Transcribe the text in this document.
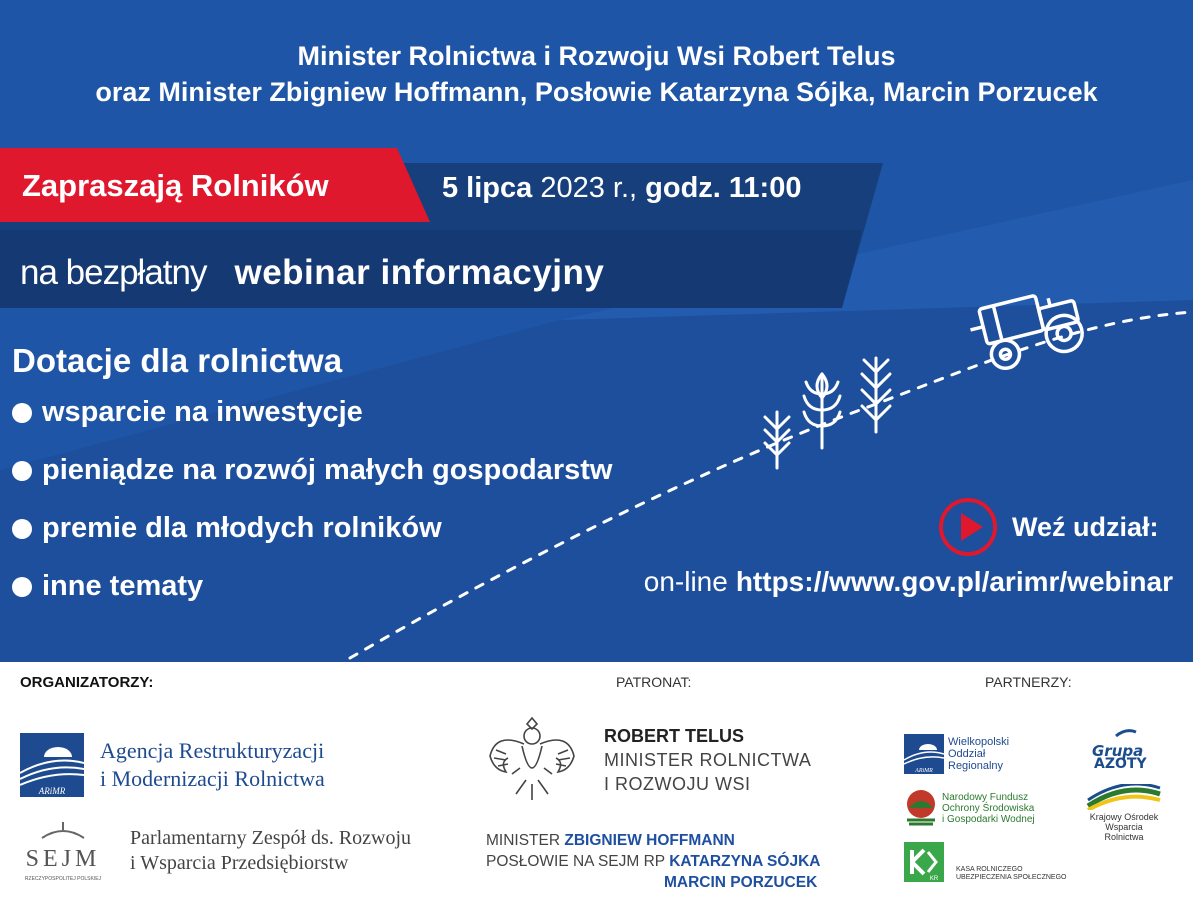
Minister Rolnictwa i Rozwoju Wsi Robert Telus
oraz Minister Zbigniew Hoffmann, Posłowie Katarzyna Sójka, Marcin Porzucek
Zapraszają Rolników	5 lipca 2023 r., godz. 11:00
na bezpłatny webinar informacyjny
Dotacje dla rolnictwa
wsparcie na inwestycje
pieniądze na rozwój małych gospodarstw
premie dla młodych rolników
inne tematy
Weź udział:
on-line https://www.gov.pl/arimr/webinar
ORGANIZATORZY:	PATRONAT:	PARTNERZY:
ARiMR
Agencja Restrukturyzacji
i Modernizacji Rolnictwa
SEJM
RZECZYPOSPOLITEJ POLSKIEJ
Parlamentarny Zespół ds. Rozwoju
i Wsparcia Przedsiębiorstw
ROBERT TELUS
MINISTER ROLNICTWA
I ROZWOJU WSI
MINISTER ZBIGNIEW HOFFMANN
POSŁOWIE NA SEJM RP KATARZYNA SÓJKA
MARCIN PORZUCEK
ARiMR
Wielkopolski
Oddział
Regionalny
Narodowy Fundusz
Ochrony Środowiska
i Gospodarki Wodnej
KR
KASA ROLNICZEGO
UBEZPIECZENIA SPOŁECZNEGO
Grupa
AZOTY
Krajowy Ośrodek
Wsparcia Rolnictwa
